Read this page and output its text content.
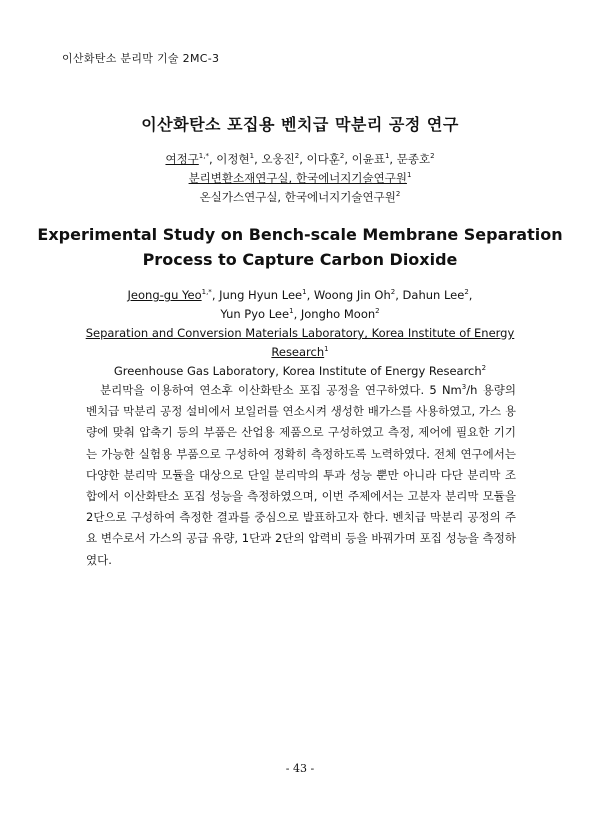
이산화탄소 분리막 기술 2MC-3
이산화탄소 포집용 벤치급 막분리 공정 연구
여정구$^{1,*}$, 이정현$^1$, 오웅진$^2$, 이다훈$^2$, 이윤표$^1$, 문종호$^2$
분리변환소재연구실, 한국에너지기술연구원$^1$
온실가스연구실, 한국에너지기술연구원$^2$
Experimental Study on Bench-scale Membrane Separation
Process to Capture Carbon Dioxide
Jeong-gu Yeo$^{1,*}$, Jung Hyun Lee$^1$, Woong Jin Oh$^2$, Dahun Lee$^2$,
Yun Pyo Lee$^1$, Jongho Moon$^2$
Separation and Conversion Materials Laboratory, Korea Institute of Energy
Research$^1$
Greenhouse Gas Laboratory, Korea Institute of Energy Research$^2$

분리막을 이용하여 연소후 이산화탄소 포집 공정을 연구하였다. 5 Nm$^3$/h 용량의 벤치급 막분리 공정 설비에서 보일러를 연소시켜 생성한 배가스를 사용하였고, 가스 용량에 맞춰 압축기 등의 부품은 산업용 제품으로 구성하였고 측정, 제어에 필요한 기기는 가능한 실험용 부품으로 구성하여 정확히 측정하도록 노력하였다. 전체 연구에서는 다양한 분리막 모듈을 대상으로 단일 분리막의 투과 성능 뿐만 아니라 다단 분리막 조합에서 이산화탄소 포집 성능을 측정하였으며, 이번 주제에서는 고분자 분리막 모듈을 2단으로 구성하여 측정한 결과를 중심으로 발표하고자 한다. 벤치급 막분리 공정의 주요 변수로서 가스의 공급 유량, 1단과 2단의 압력비 등을 바꿔가며 포집 성능을 측정하였다.

- 43 -
